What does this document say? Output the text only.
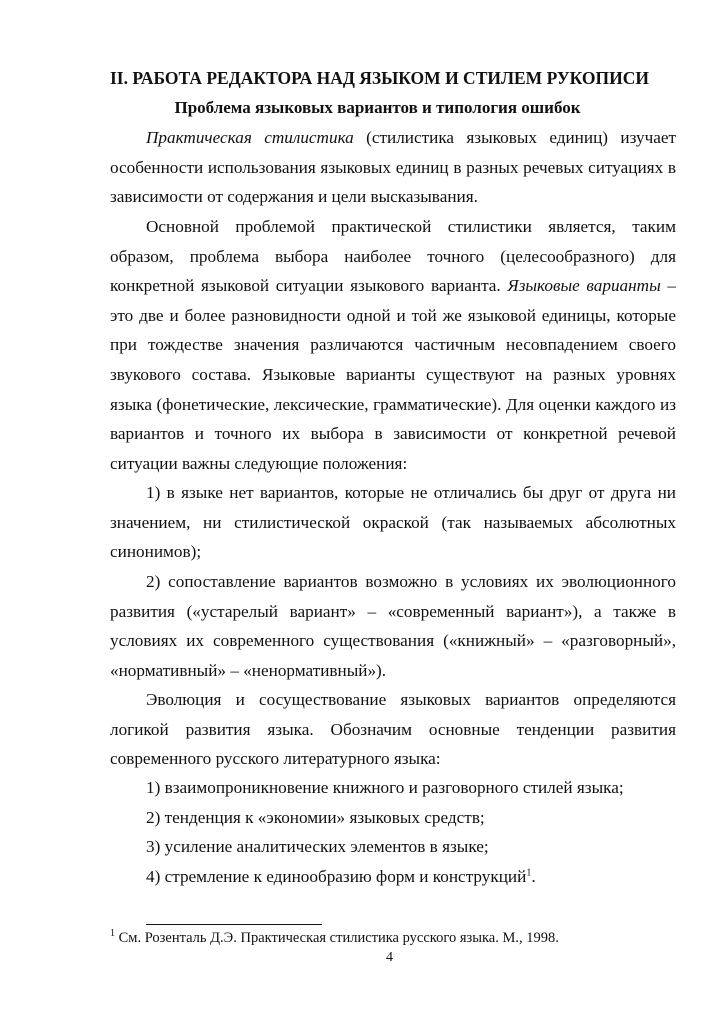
II. РАБОТА РЕДАКТОРА НАД ЯЗЫКОМ И СТИЛЕМ РУКОПИСИ
Проблема языковых вариантов и типология ошибок

Практическая стилистика (стилистика языковых единиц) изучает особенности использования языковых единиц в разных речевых ситуациях в зависимости от содержания и цели высказывания.

Основной проблемой практической стилистики является, таким образом, проблема выбора наиболее точного (целесообразного) для конкретной языковой ситуации языкового варианта. Языковые варианты – это две и более разновидности одной и той же языковой единицы, которые при тождестве значения различаются частичным несовпадением своего звукового состава. Языковые варианты существуют на разных уровнях языка (фонетические, лексические, грамматические). Для оценки каждого из вариантов и точного их выбора в зависимости от конкретной речевой ситуации важны следующие положения:

1) в языке нет вариантов, которые не отличались бы друг от друга ни значением, ни стилистической окраской (так называемых абсолютных синонимов);

2) сопоставление вариантов возможно в условиях их эволюционного развития («устарелый вариант» – «современный вариант»), а также в условиях их современного существования («книжный» – «разговорный», «нормативный» – «ненормативный»).

Эволюция и сосуществование языковых вариантов определяются логикой развития языка. Обозначим основные тенденции развития современного русского литературного языка:

1) взаимопроникновение книжного и разговорного стилей языка;

2) тенденция к «экономии» языковых средств;

3) усиление аналитических элементов в языке;

4) стремление к единообразию форм и конструкций$^1$.

$^1$ См. Розенталь Д.Э. Практическая стилистика русского языка. М., 1998.
4
